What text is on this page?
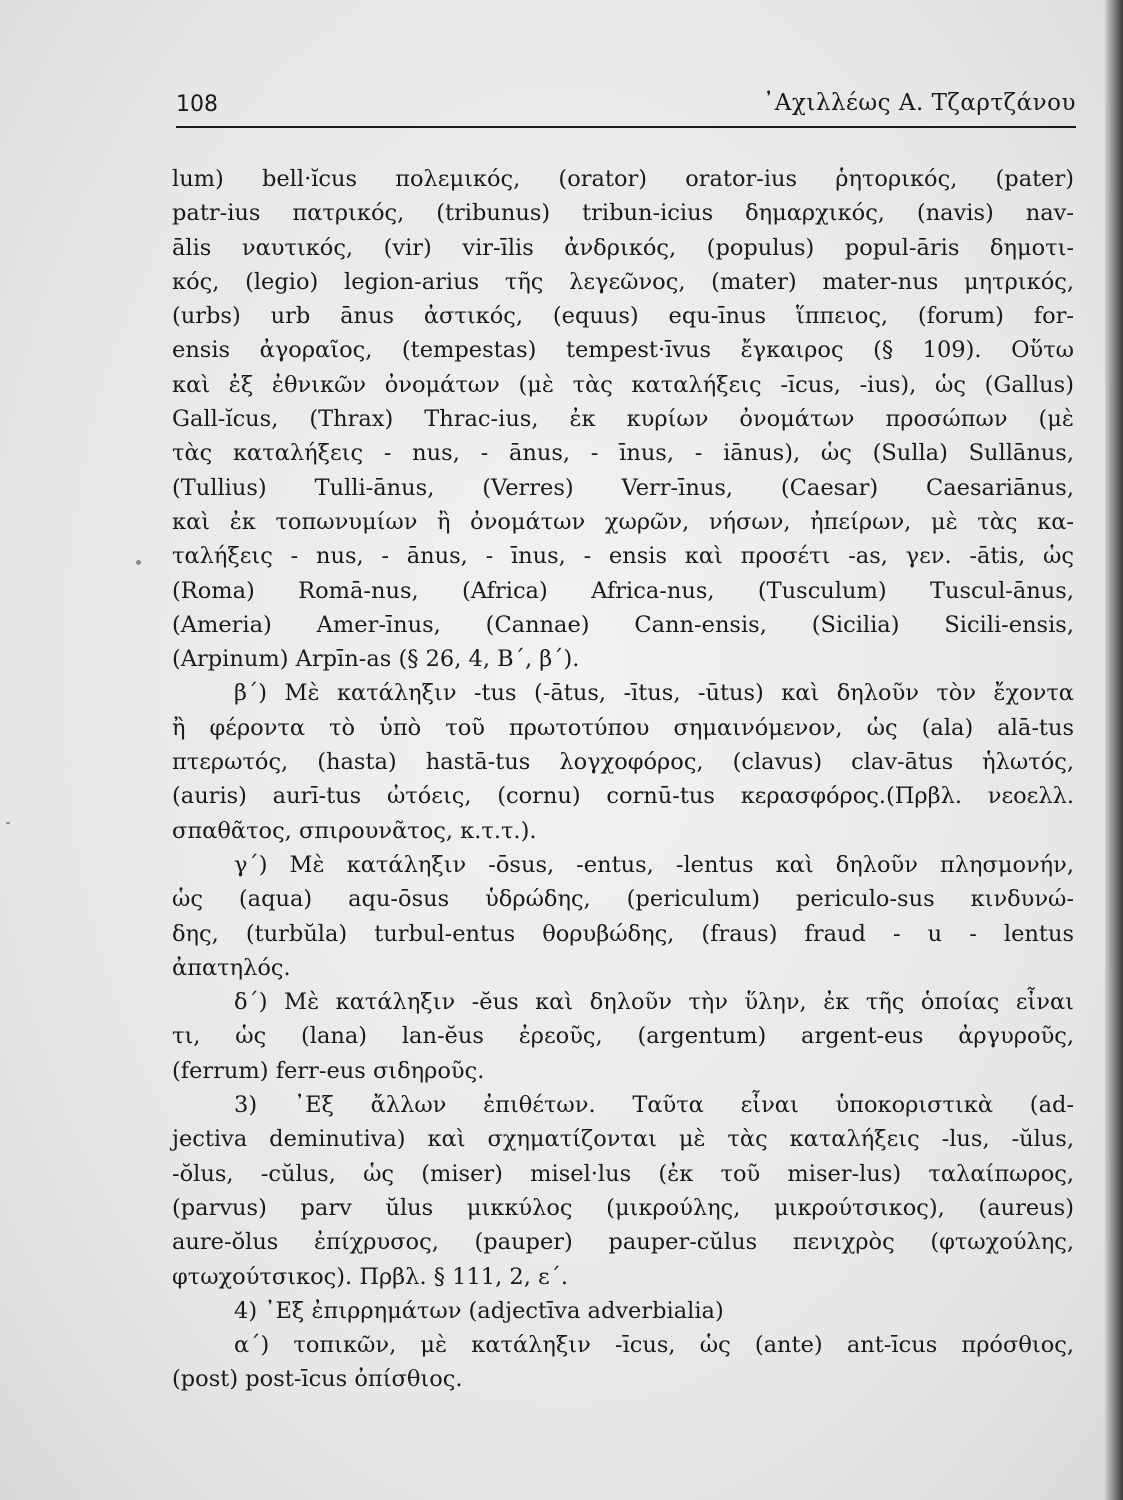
108	᾿Αχιλλέως Α. Τζαρτζάνου
lum) bell·ĭcus πολεμικός, (orator) orator-ius ῥητορικός, (pater)
patr-ius πατρικός, (tribunus) tribun-icius δημαρχικός, (navis) nav-
ālis ναυτικός, (vir) vir-īlis ἀνδρικός, (populus) popul-āris δημοτι-
κός, (legio) legion-arius τῆς λεγεῶνος, (mater) mater-nus μητρικός,
(urbs) urb ānus ἀστικός, (equus) equ-īnus ἵππειος, (forum) for-
ensis ἀγοραῖος, (tempestas) tempest·īvus ἔγκαιρος (§ 109). Οὕτω
καὶ ἐξ ἐθνικῶν ὀνομάτων (μὲ τὰς καταλήξεις -īcus, -ius), ὡς (Gallus)
Gall-ĭcus, (Thrax) Thrac-ius, ἐκ κυρίων ὀνομάτων προσώπων (μὲ
τὰς καταλήξεις - nus, - ānus, - īnus, - iānus), ὡς (Sulla) Sullānus,
(Tullius) Tulli-ānus, (Verres) Verr-īnus, (Caesar) Caesariānus,
καὶ ἐκ τοπωνυμίων ἢ ὀνομάτων χωρῶν, νήσων, ἠπείρων, μὲ τὰς κα-
ταλήξεις - nus, - ānus, - īnus, - ensis καὶ προσέτι -as, γεν. -ātis, ὡς
(Roma) Romā-nus, (Africa) Africa-nus, (Tusculum) Tuscul-ānus,
(Ameria) Amer-īnus, (Cannae) Cann-ensis, (Sicilia) Sicili-ensis,
(Arpinum) Arpīn-as (§ 26, 4, Β΄, β΄).
β΄) Μὲ κατάληξιν -tus (-ātus, -ītus, -ūtus) καὶ δηλοῦν τὸν ἔχοντα
ἢ φέροντα τὸ ὑπὸ τοῦ πρωτοτύπου σημαινόμενον, ὡς (ala) alā-tus
πτερωτός, (hasta) hastā-tus λογχοφόρος, (clavus) clav-ātus ἡλωτός,
(auris) aurī-tus ὠτόεις, (cornu) cornū-tus κερασφόρος.(Πρβλ. νεοελλ.
σπαθᾶτος, σπιρουνᾶτος, κ.τ.τ.).
γ΄) Μὲ κατάληξιν -ōsus, -entus, -lentus καὶ δηλοῦν πλησμονήν,
ὡς (aqua) aqu-ōsus ὑδρώδης, (periculum) periculo-sus κινδυνώ-
δης, (turbŭla) turbul-entus θορυβώδης, (fraus) fraud - u - lentus
ἀπατηλός.
δ΄) Μὲ κατάληξιν -ĕus καὶ δηλοῦν τὴν ὕλην, ἐκ τῆς ὁποίας εἶναι
τι, ὡς (lana) lan-ĕus ἐρεοῦς, (argentum) argent-eus ἀργυροῦς,
(ferrum) ferr-eus σιδηροῦς.
3) ᾿Εξ ἄλλων ἐπιθέτων. Ταῦτα εἶναι ὑποκοριστικὰ (ad-
jectiva deminutiva) καὶ σχηματίζονται μὲ τὰς καταλήξεις -lus, -ŭlus,
-ŏlus, -cŭlus, ὡς (miser) misel·lus (ἐκ τοῦ miser-lus) ταλαίπωρος,
(parvus) parv ŭlus μικκύλος (μικρούλης, μικρούτσικος), (aureus)
aure-ŏlus ἐπίχρυσος, (pauper) pauper-cŭlus πενιχρὸς (φτωχούλης,
φτωχούτσικος). Πρβλ. § 111, 2, ε΄.
4) ᾿Εξ ἐπιρρημάτων (adjectīva adverbialia)
α΄) τοπικῶν, μὲ κατάληξιν -īcus, ὡς (ante) ant-īcus πρόσθιος,
(post) post-īcus ὀπίσθιος.
